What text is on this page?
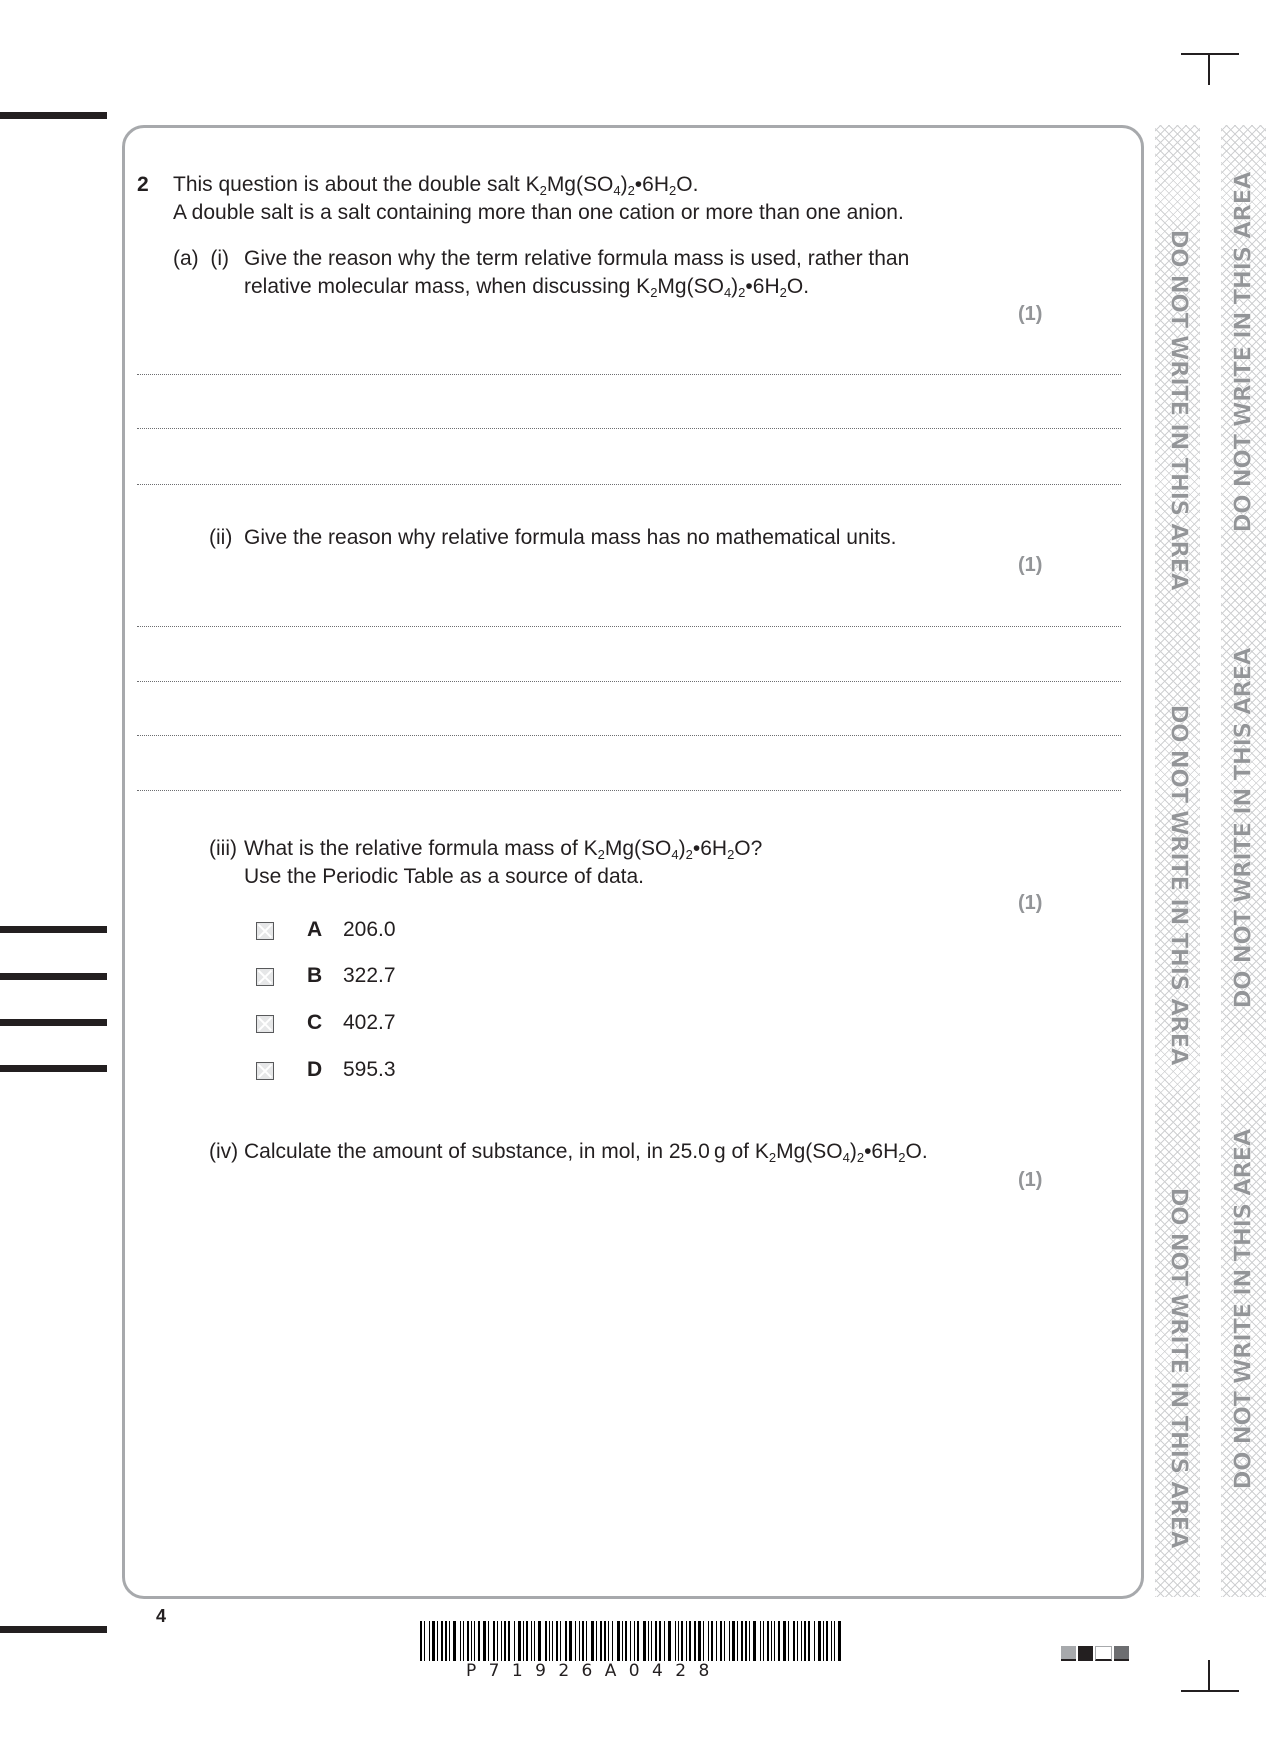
DO NOT WRITE IN THIS AREA
DO NOT WRITE IN THIS AREA
DO NOT WRITE IN THIS AREA
DO NOT WRITE IN THIS AREA
DO NOT WRITE IN THIS AREA
DO NOT WRITE IN THIS AREA
2 This question is about the double salt $K_2Mg(SO_4)_2•6H_2O$.
A double salt is a salt containing more than one cation or more than one anion.
(a)  (i) Give the reason why the term relative formula mass is used, rather than
relative molecular mass, when discussing $K_2Mg(SO_4)_2•6H_2O$.
(1)
(ii) Give the reason why relative formula mass has no mathematical units.
(1)
(iii) What is the relative formula mass of $K_2Mg(SO_4)_2•6H_2O$?
Use the Periodic Table as a source of data.
(1)
A 206.0
B 322.7
C 402.7
D 595.3
(iv) Calculate the amount of substance, in mol, in 25.0 g of $K_2Mg(SO_4)_2•6H_2O$.
(1)
4
P 7 1 9 2 6 A 0 4 2 8
